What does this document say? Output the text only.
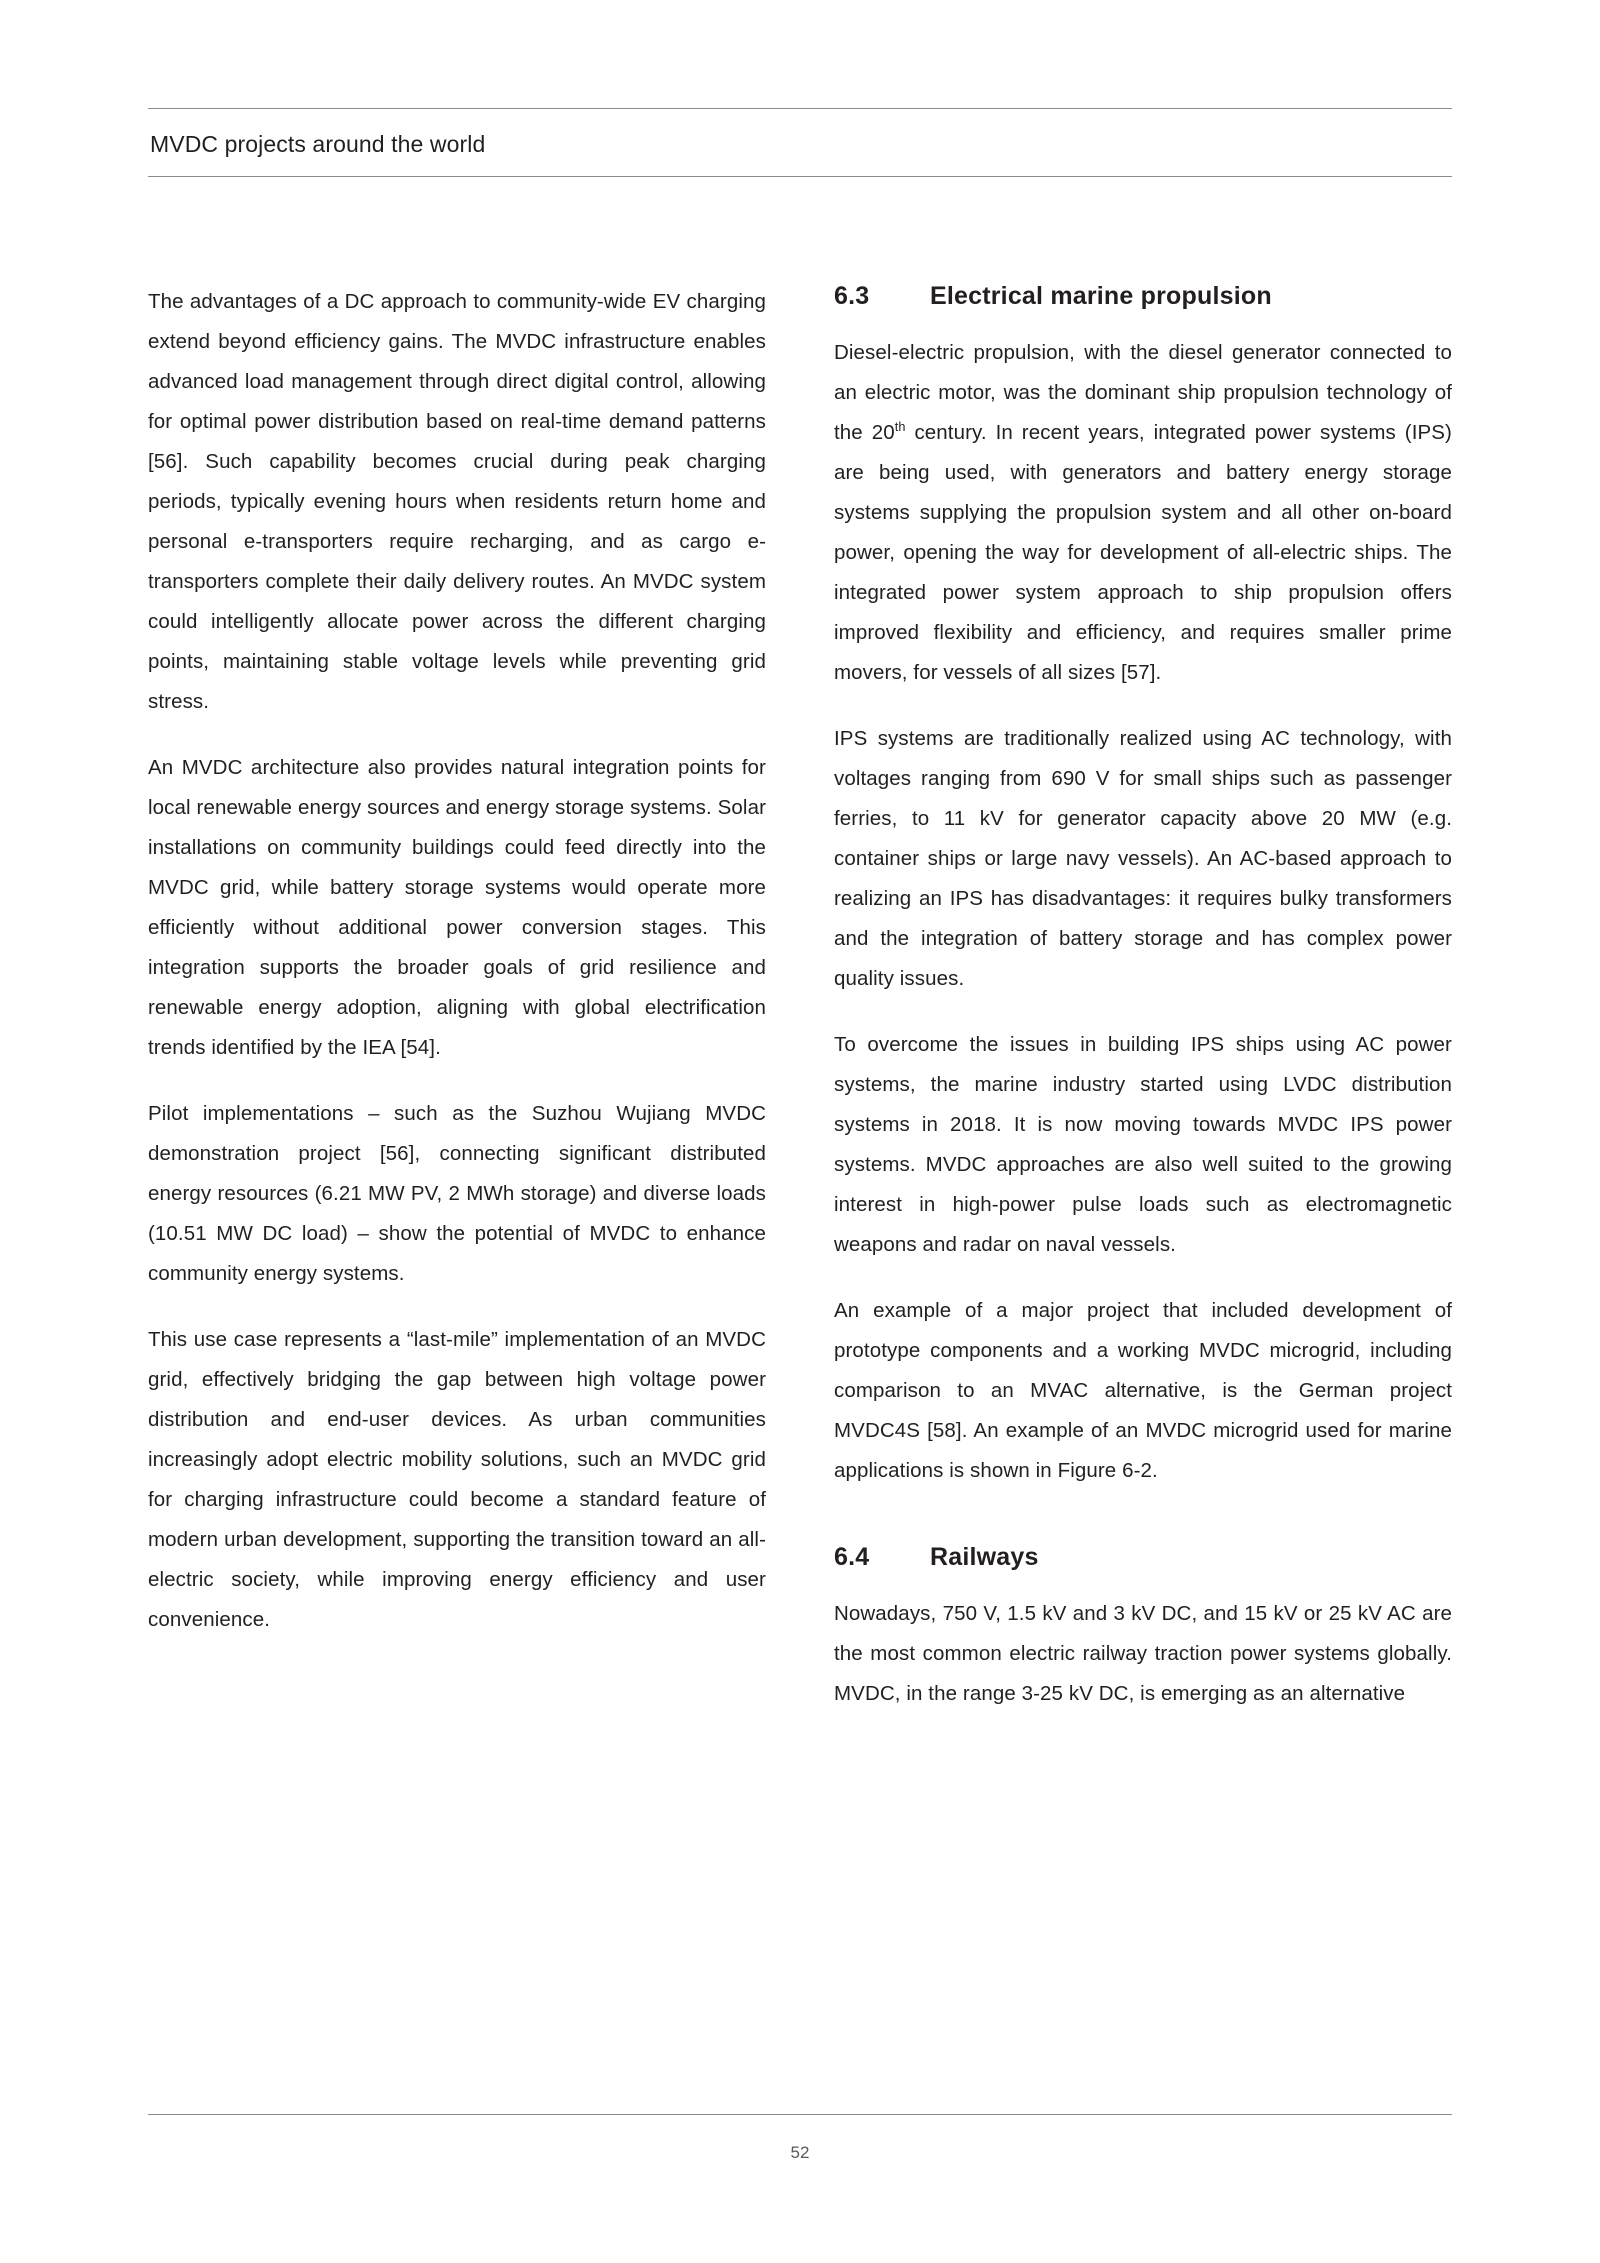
MVDC projects around the world

The advantages of a DC approach to community-wide EV charging extend beyond efficiency gains. The MVDC infrastructure enables advanced load management through direct digital control, allowing for optimal power distribution based on real-time demand patterns [56]. Such capability becomes crucial during peak charging periods, typically evening hours when residents return home and personal e-transporters require recharging, and as cargo e-transporters complete their daily delivery routes. An MVDC system could intelligently allocate power across the different charging points, maintaining stable voltage levels while preventing grid stress.

An MVDC architecture also provides natural integration points for local renewable energy sources and energy storage systems. Solar installations on community buildings could feed directly into the MVDC grid, while battery storage systems would operate more efficiently without additional power conversion stages. This integration supports the broader goals of grid resilience and renewable energy adoption, aligning with global electrification trends identified by the IEA [54].

Pilot implementations – such as the Suzhou Wujiang MVDC demonstration project [56], connecting significant distributed energy resources (6.21 MW PV, 2 MWh storage) and diverse loads (10.51 MW DC load) – show the potential of MVDC to enhance community energy systems.

This use case represents a “last-mile” implementation of an MVDC grid, effectively bridging the gap between high voltage power distribution and end-user devices. As urban communities increasingly adopt electric mobility solutions, such an MVDC grid for charging infrastructure could become a standard feature of modern urban development, supporting the transition toward an all-electric society, while improving energy efficiency and user convenience.

6.3	Electrical marine propulsion

Diesel-electric propulsion, with the diesel generator connected to an electric motor, was the dominant ship propulsion technology of the 20th century. In recent years, integrated power systems (IPS) are being used, with generators and battery energy storage systems supplying the propulsion system and all other on-board power, opening the way for development of all-electric ships. The integrated power system approach to ship propulsion offers improved flexibility and efficiency, and requires smaller prime movers, for vessels of all sizes [57].

IPS systems are traditionally realized using AC technology, with voltages ranging from 690 V for small ships such as passenger ferries, to 11 kV for generator capacity above 20 MW (e.g. container ships or large navy vessels). An AC-based approach to realizing an IPS has disadvantages: it requires bulky transformers and the integration of battery storage and has complex power quality issues.

To overcome the issues in building IPS ships using AC power systems, the marine industry started using LVDC distribution systems in 2018. It is now moving towards MVDC IPS power systems. MVDC approaches are also well suited to the growing interest in high-power pulse loads such as electromagnetic weapons and radar on naval vessels.

An example of a major project that included development of prototype components and a working MVDC microgrid, including comparison to an MVAC alternative, is the German project MVDC4S [58]. An example of an MVDC microgrid used for marine applications is shown in Figure 6-2.

6.4	Railways

Nowadays, 750 V, 1.5 kV and 3 kV DC, and 15 kV or 25 kV AC are the most common electric railway traction power systems globally. MVDC, in the range 3-25 kV DC, is emerging as an alternative

52
